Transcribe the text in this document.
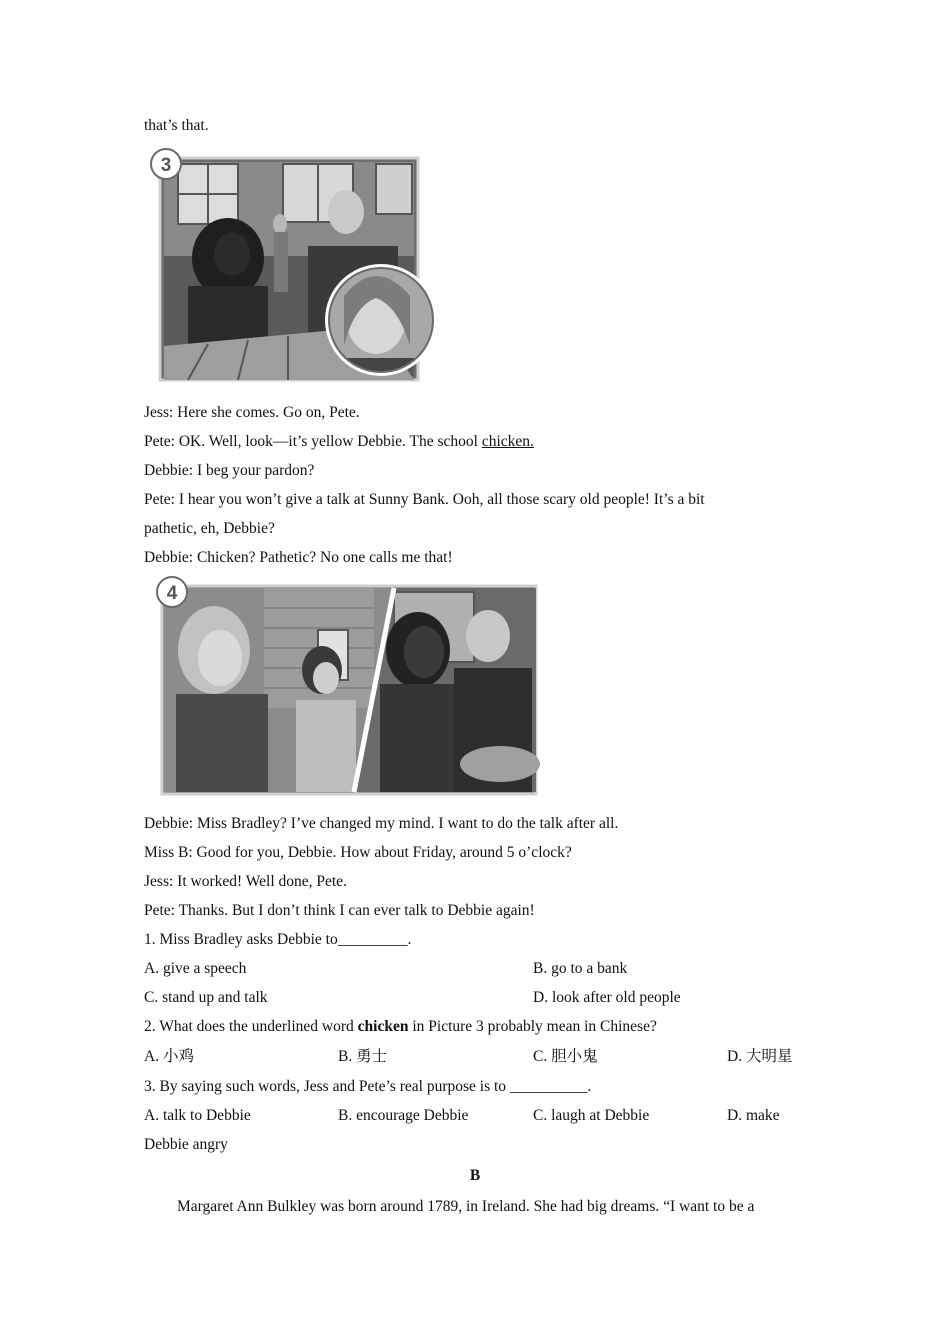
that’s that.
3
Jess: Here she comes. Go on, Pete.
Pete: OK. Well, look—it’s yellow Debbie. The school chicken.
Debbie: I beg your pardon?
Pete: I hear you won’t give a talk at Sunny Bank. Ooh, all those scary old people! It’s a bit
pathetic, eh, Debbie?
Debbie: Chicken? Pathetic? No one calls me that!
4
Debbie: Miss Bradley? I’ve changed my mind. I want to do the talk after all.
Miss B: Good for you, Debbie. How about Friday, around 5 o’clock?
Jess: It worked! Well done, Pete.
Pete: Thanks. But I don’t think I can ever talk to Debbie again!
1. Miss Bradley asks Debbie to_________.
A. give a speech	B. go to a bank
C. stand up and talk	D. look after old people
2. What does the underlined word chicken in Picture 3 probably mean in Chinese?
A. 小鸡	B. 勇士	C. 胆小鬼	D. 大明星
3. By saying such words, Jess and Pete’s real purpose is to __________.
A. talk to Debbie	B. encourage Debbie	C. laugh at Debbie	D. make
Debbie angry
B
Margaret Ann Bulkley was born around 1789, in Ireland. She had big dreams. “I want to be a
